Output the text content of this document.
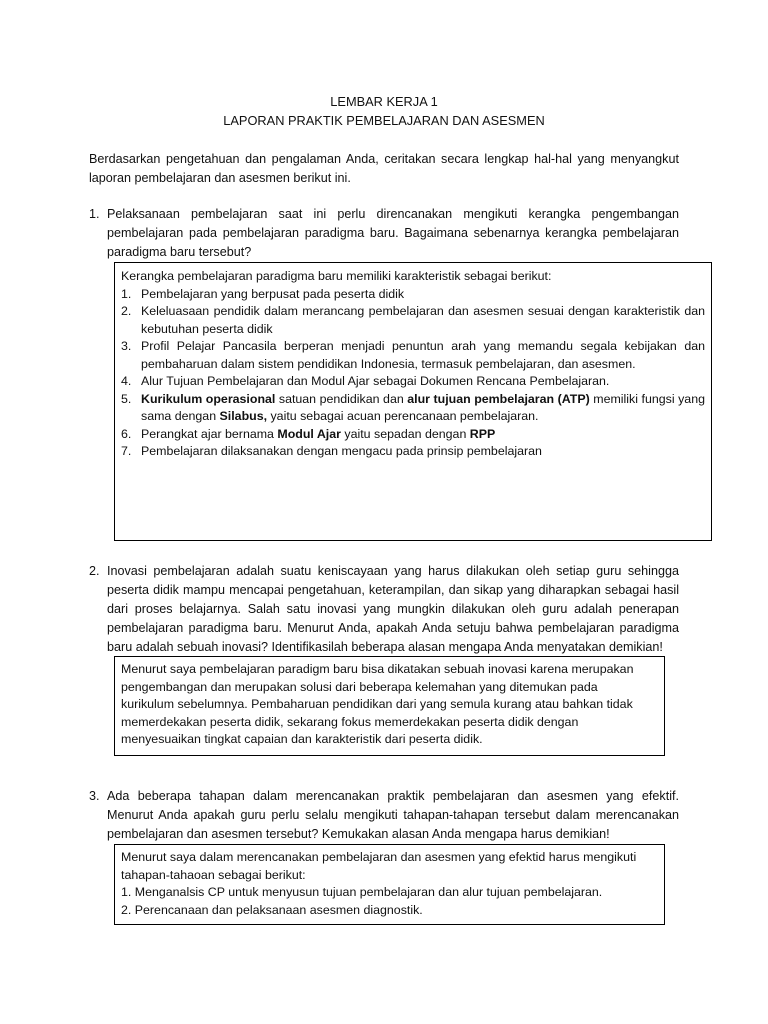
LEMBAR KERJA 1
LAPORAN PRAKTIK PEMBELAJARAN DAN ASESMEN
Berdasarkan pengetahuan dan pengalaman Anda, ceritakan secara lengkap hal-hal yang menyangkut laporan pembelajaran dan asesmen berikut ini.
1. Pelaksanaan pembelajaran saat ini perlu direncanakan mengikuti kerangka pengembangan pembelajaran pada pembelajaran paradigma baru. Bagaimana sebenarnya kerangka pembelajaran paradigma baru tersebut?
Kerangka pembelajaran paradigma baru memiliki karakteristik sebagai berikut:
1. Pembelajaran yang berpusat pada peserta didik
2. Keleluasaan pendidik dalam merancang pembelajaran dan asesmen sesuai dengan karakteristik dan kebutuhan peserta didik
3. Profil Pelajar Pancasila berperan menjadi penuntun arah yang memandu segala kebijakan dan pembaharuan dalam sistem pendidikan Indonesia, termasuk pembelajaran, dan asesmen.
4. Alur Tujuan Pembelajaran dan Modul Ajar sebagai Dokumen Rencana Pembelajaran.
5. Kurikulum operasional satuan pendidikan dan alur tujuan pembelajaran (ATP) memiliki fungsi yang sama dengan Silabus, yaitu sebagai acuan perencanaan pembelajaran.
6. Perangkat ajar bernama Modul Ajar yaitu sepadan dengan RPP
7. Pembelajaran dilaksanakan dengan mengacu pada prinsip pembelajaran
2. Inovasi pembelajaran adalah suatu keniscayaan yang harus dilakukan oleh setiap guru sehingga peserta didik mampu mencapai pengetahuan, keterampilan, dan sikap yang diharapkan sebagai hasil dari proses belajarnya. Salah satu inovasi yang mungkin dilakukan oleh guru adalah penerapan pembelajaran paradigma baru. Menurut Anda, apakah Anda setuju bahwa pembelajaran paradigma baru adalah sebuah inovasi? Identifikasilah beberapa alasan mengapa Anda menyatakan demikian!
Menurut saya pembelajaran paradigm baru bisa dikatakan sebuah inovasi karena merupakan
pengembangan dan merupakan solusi dari beberapa kelemahan yang ditemukan pada
kurikulum sebelumnya. Pembaharuan pendidikan dari yang semula kurang atau bahkan tidak
memerdekakan peserta didik, sekarang fokus memerdekakan peserta didik dengan
menyesuaikan tingkat capaian dan karakteristik dari peserta didik.
3. Ada beberapa tahapan dalam merencanakan praktik pembelajaran dan asesmen yang efektif. Menurut Anda apakah guru perlu selalu mengikuti tahapan-tahapan tersebut dalam merencanakan pembelajaran dan asesmen tersebut? Kemukakan alasan Anda mengapa harus demikian!
Menurut saya dalam merencanakan pembelajaran dan asesmen yang efektid harus mengikuti
tahapan-tahaoan sebagai berikut:
1. Menganalsis CP untuk menyusun tujuan pembelajaran dan alur tujuan pembelajaran.
2. Perencanaan dan pelaksanaan asesmen diagnostik.
